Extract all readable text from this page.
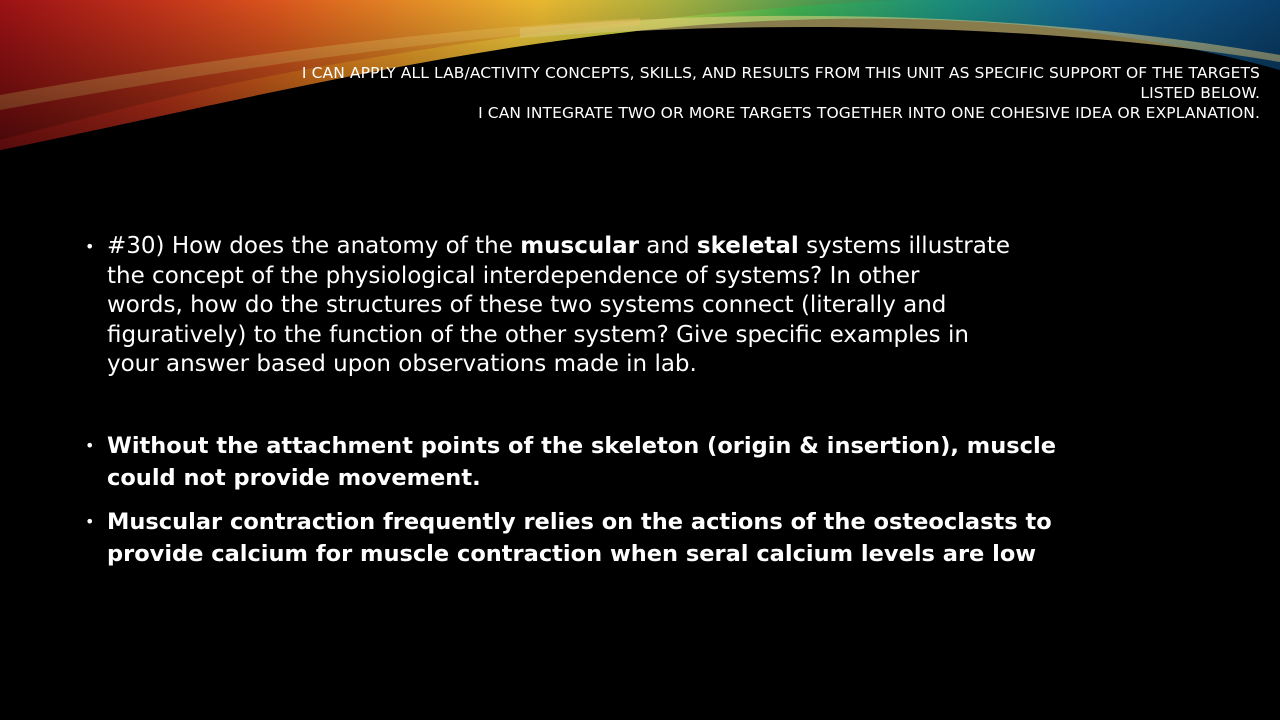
I CAN APPLY ALL LAB/ACTIVITY CONCEPTS, SKILLS, AND RESULTS FROM THIS UNIT AS SPECIFIC SUPPORT OF THE TARGETS
LISTED BELOW.
I CAN INTEGRATE TWO OR MORE TARGETS TOGETHER INTO ONE COHESIVE IDEA OR EXPLANATION.
• #30) How does the anatomy of the muscular and skeletal systems illustrate
the concept of the physiological interdependence of systems? In other
words, how do the structures of these two systems connect (literally and
figuratively) to the function of the other system? Give specific examples in
your answer based upon observations made in lab.
• Without the attachment points of the skeleton (origin & insertion), muscle
could not provide movement.
• Muscular contraction frequently relies on the actions of the osteoclasts to
provide calcium for muscle contraction when seral calcium levels are low
